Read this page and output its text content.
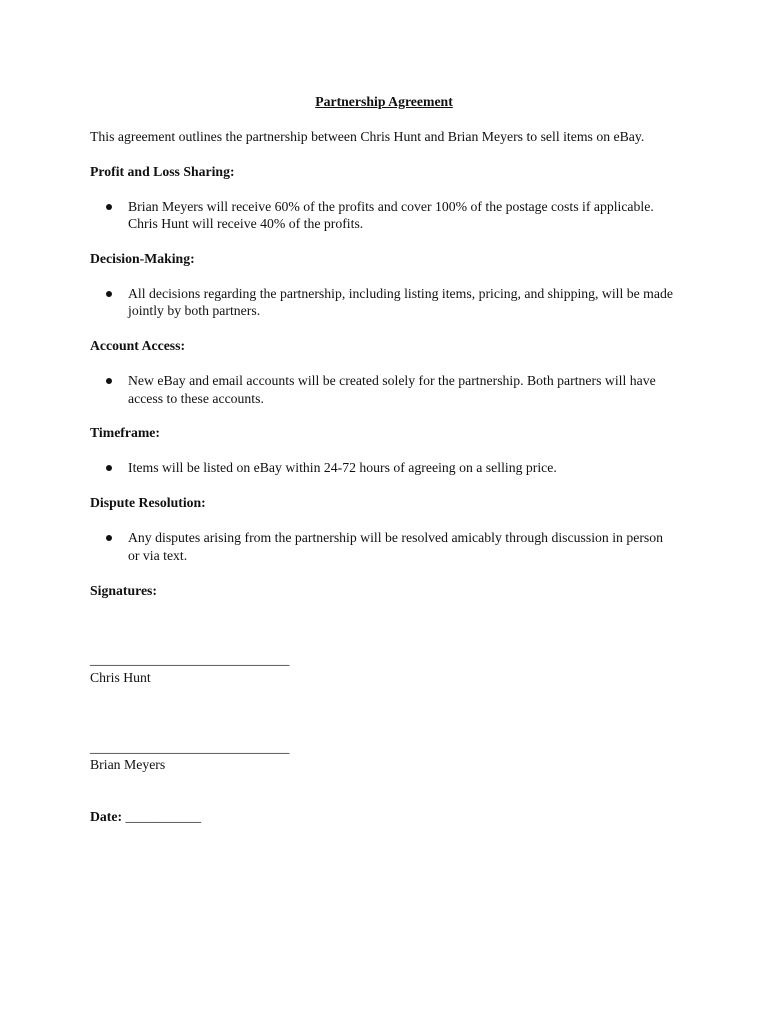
Partnership Agreement
This agreement outlines the partnership between Chris Hunt and Brian Meyers to sell items on eBay.
Profit and Loss Sharing:
Brian Meyers will receive 60% of the profits and cover 100% of the postage costs if applicable. Chris Hunt will receive 40% of the profits.
Decision-Making:
All decisions regarding the partnership, including listing items, pricing, and shipping, will be made jointly by both partners.
Account Access:
New eBay and email accounts will be created solely for the partnership. Both partners will have access to these accounts.
Timeframe:
Items will be listed on eBay within 24-72 hours of agreeing on a selling price.
Dispute Resolution:
Any disputes arising from the partnership will be resolved amicably through discussion in person or via text.
Signatures:
_____________________________
Chris Hunt
_____________________________
Brian Meyers
Date: ___________
